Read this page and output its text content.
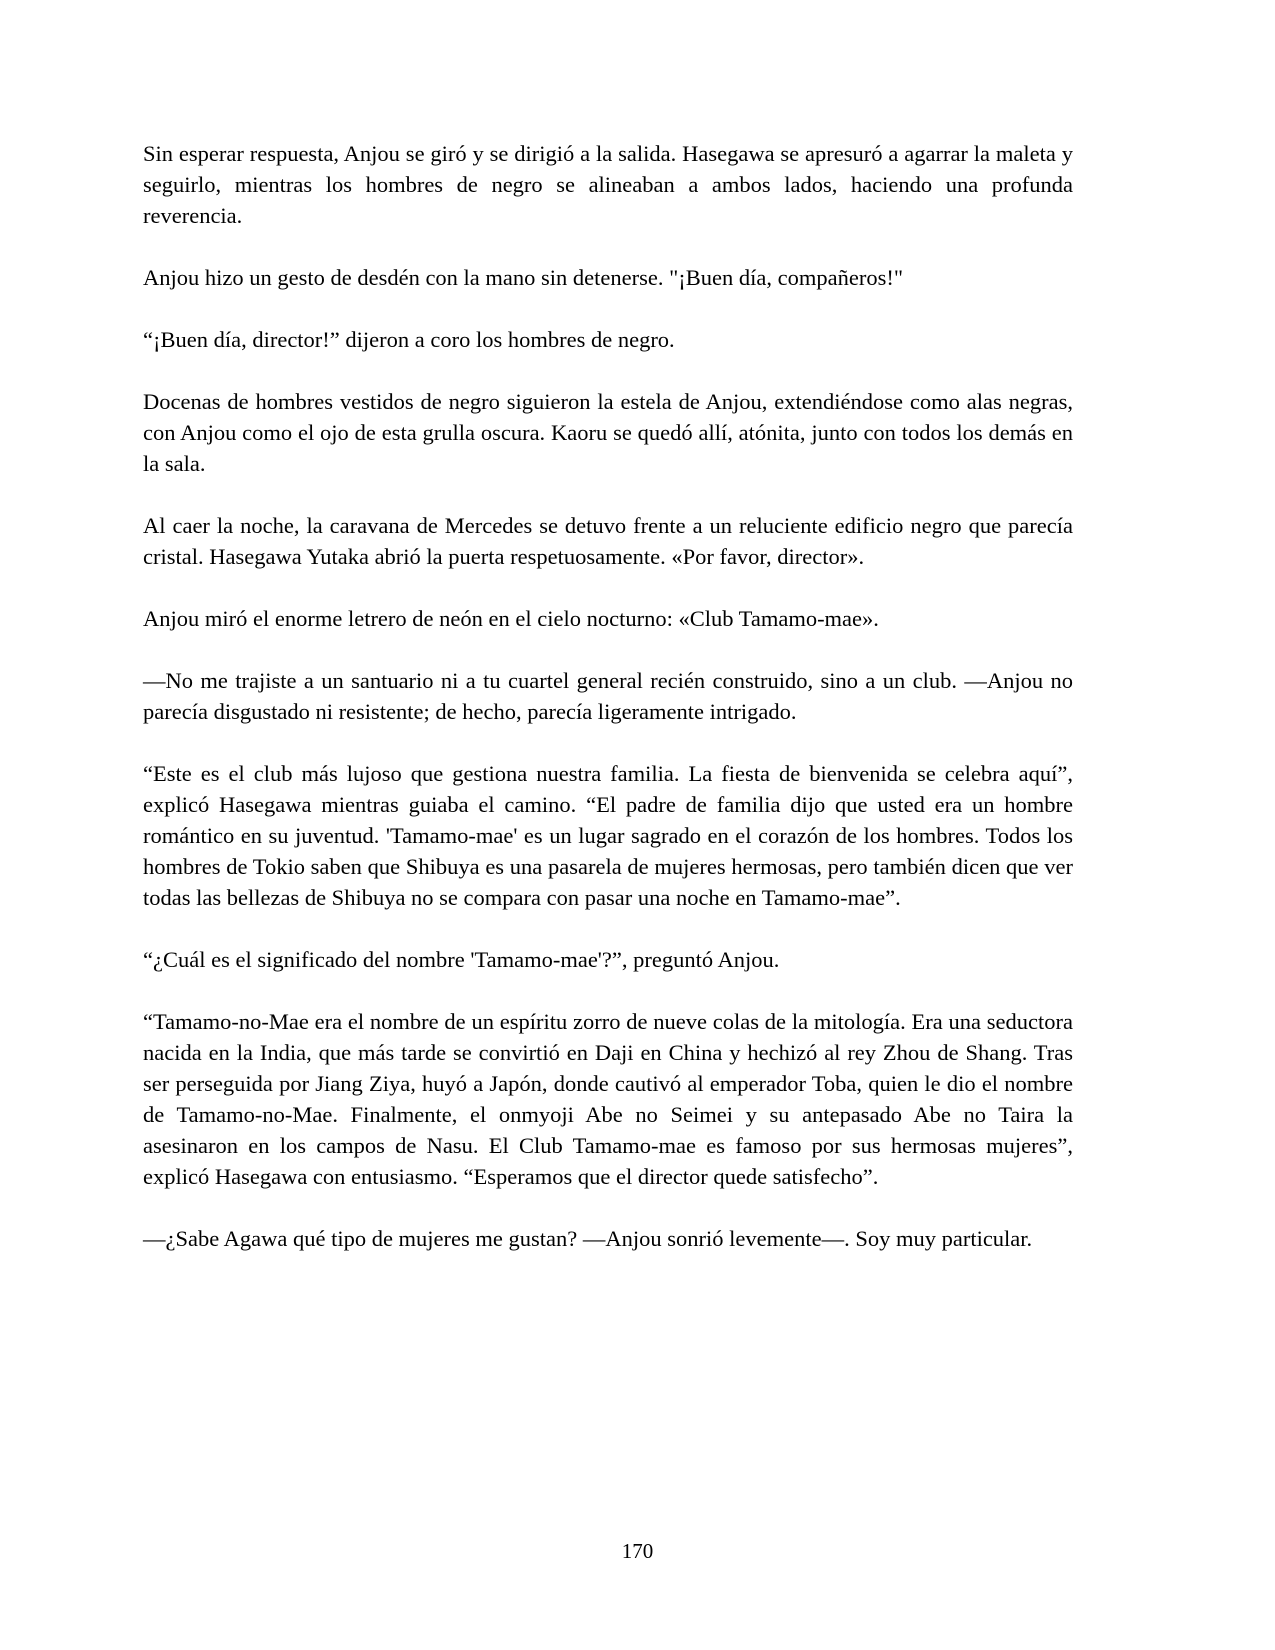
Sin esperar respuesta, Anjou se giró y se dirigió a la salida. Hasegawa se apresuró a agarrar la maleta y seguirlo, mientras los hombres de negro se alineaban a ambos lados, haciendo una profunda reverencia.

Anjou hizo un gesto de desdén con la mano sin detenerse. "¡Buen día, compañeros!"

“¡Buen día, director!” dijeron a coro los hombres de negro.

Docenas de hombres vestidos de negro siguieron la estela de Anjou, extendiéndose como alas negras, con Anjou como el ojo de esta grulla oscura. Kaoru se quedó allí, atónita, junto con todos los demás en la sala.

Al caer la noche, la caravana de Mercedes se detuvo frente a un reluciente edificio negro que parecía cristal. Hasegawa Yutaka abrió la puerta respetuosamente. «Por favor, director».

Anjou miró el enorme letrero de neón en el cielo nocturno: «Club Tamamo-mae».

—No me trajiste a un santuario ni a tu cuartel general recién construido, sino a un club. —Anjou no parecía disgustado ni resistente; de hecho, parecía ligeramente intrigado.

“Este es el club más lujoso que gestiona nuestra familia. La fiesta de bienvenida se celebra aquí”, explicó Hasegawa mientras guiaba el camino. “El padre de familia dijo que usted era un hombre romántico en su juventud. 'Tamamo-mae' es un lugar sagrado en el corazón de los hombres. Todos los hombres de Tokio saben que Shibuya es una pasarela de mujeres hermosas, pero también dicen que ver todas las bellezas de Shibuya no se compara con pasar una noche en Tamamo-mae”.

“¿Cuál es el significado del nombre 'Tamamo-mae'?”, preguntó Anjou.

“Tamamo-no-Mae era el nombre de un espíritu zorro de nueve colas de la mitología. Era una seductora nacida en la India, que más tarde se convirtió en Daji en China y hechizó al rey Zhou de Shang. Tras ser perseguida por Jiang Ziya, huyó a Japón, donde cautivó al emperador Toba, quien le dio el nombre de Tamamo-no-Mae. Finalmente, el onmyoji Abe no Seimei y su antepasado Abe no Taira la asesinaron en los campos de Nasu. El Club Tamamo-mae es famoso por sus hermosas mujeres”, explicó Hasegawa con entusiasmo. “Esperamos que el director quede satisfecho”.

—¿Sabe Agawa qué tipo de mujeres me gustan? —Anjou sonrió levemente—. Soy muy particular.

170
